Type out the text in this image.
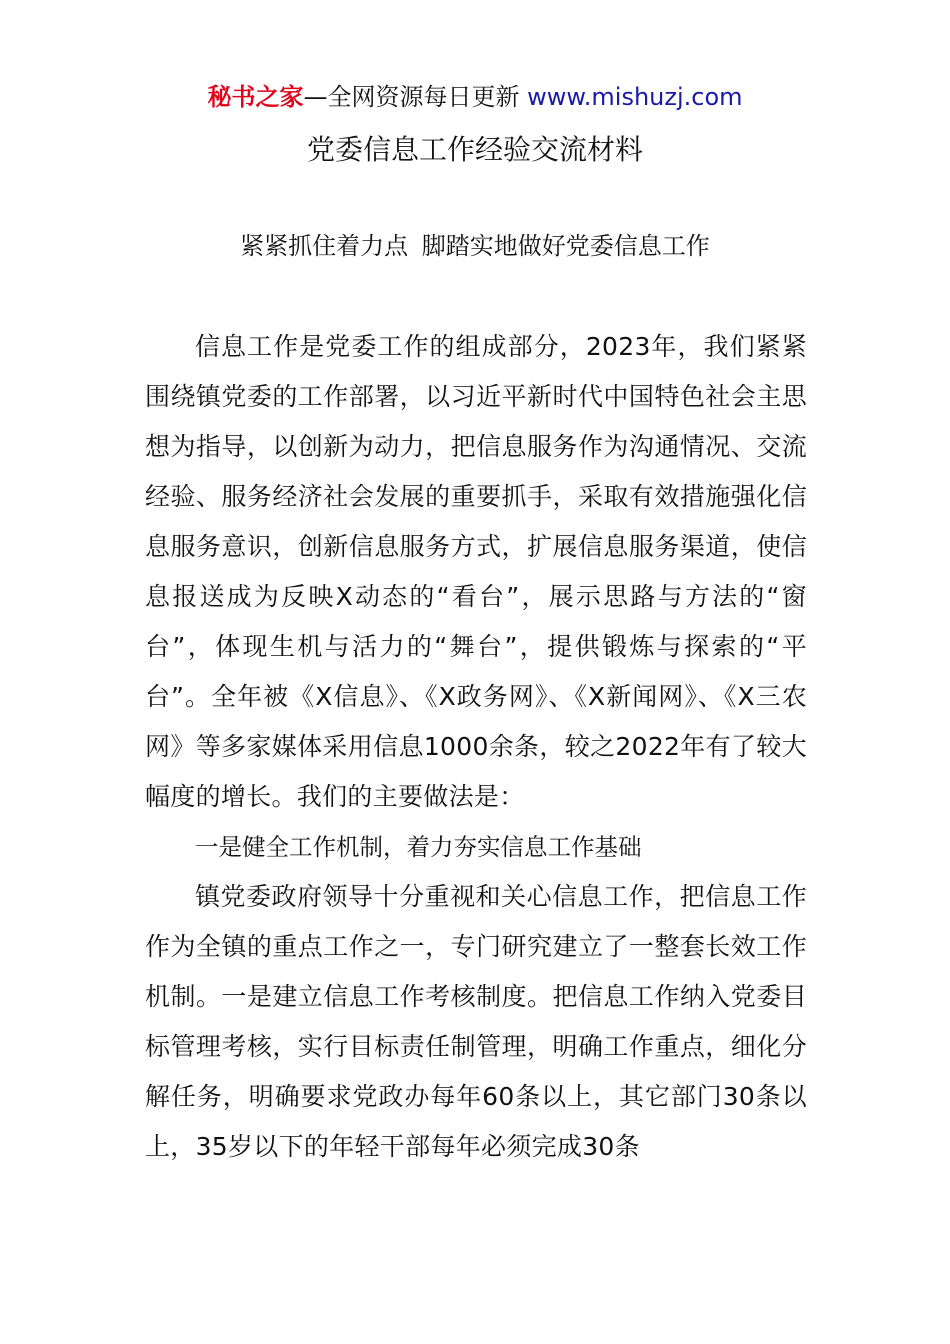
秘书之家—全网资源每日更新 www.mishuzj.com
党委信息工作经验交流材料
紧紧抓住着力点 脚踏实地做好党委信息工作

信息工作是党委工作的组成部分，2023年，我们紧紧围绕镇党委的工作部署，以习近平新时代中国特色社会主思想为指导，以创新为动力，把信息服务作为沟通情况、交流经验、服务经济社会发展的重要抓手，采取有效措施强化信息服务意识，创新信息服务方式，扩展信息服务渠道，使信息报送成为反映X动态的“看台”，展示思路与方法的“窗台”，体现生机与活力的“舞台”，提供锻炼与探索的“平台”。全年被《X信息》、《X政务网》、《X新闻网》、《X三农网》等多家媒体采用信息1000余条，较之2022年有了较大幅度的增长。我们的主要做法是：

一是健全工作机制，着力夯实信息工作基础

镇党委政府领导十分重视和关心信息工作，把信息工作作为全镇的重点工作之一，专门研究建立了一整套长效工作机制。一是建立信息工作考核制度。把信息工作纳入党委目标管理考核，实行目标责任制管理，明确工作重点，细化分解任务，明确要求党政办每年60条以上，其它部门30条以上，35岁以下的年轻干部每年必须完成30条
